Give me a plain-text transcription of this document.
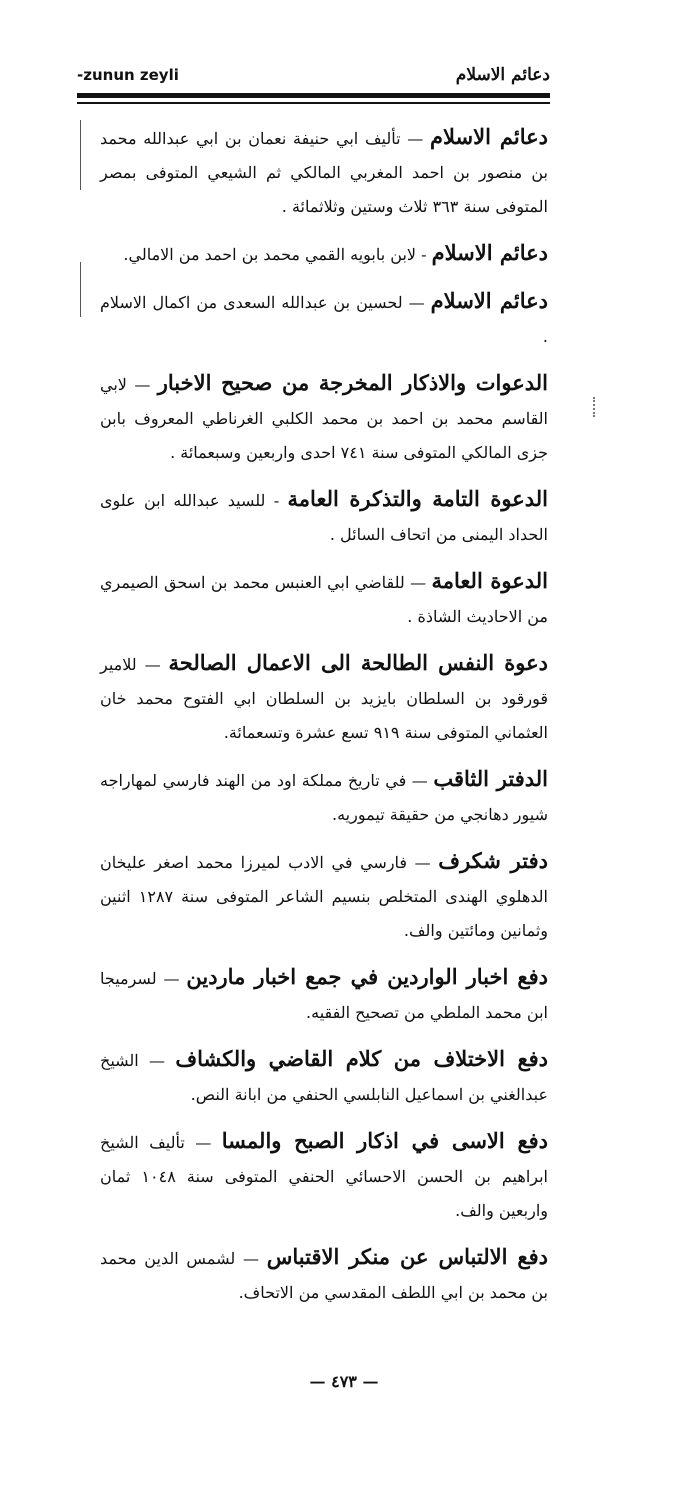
-zunun zeyli	دعائم الاسلام

دعائم الاسلام — تأليف ابي حنيفة نعمان بن ابي عبدالله محمد بن منصور بن احمد المغربي المالكي ثم الشيعي المتوفى بمصر المتوفى سنة ٣٦٣ ثلاث وستين وثلاثمائة .

دعائم الاسلام - لابن بابويه القمي محمد بن احمد من الامالي.

دعائم الاسلام — لحسين بن عبدالله السعدى من اكمال الاسلام .

الدعوات والاذكار المخرجة من صحيح الاخبار — لابي القاسم محمد بن احمد بن محمد الكلبي الغرناطي المعروف بابن جزى المالكي المتوفى سنة ٧٤١ احدى واربعين وسبعمائة .

الدعوة التامة والتذكرة العامة - للسيد عبدالله ابن علوى الحداد اليمنى من اتحاف السائل .

الدعوة العامة — للقاضي ابي العنبس محمد بن اسحق الصيمري من الاحاديث الشاذة .

دعوة النفس الطالحة الى الاعمال الصالحة — للامير قورقود بن السلطان بايزيد بن السلطان ابي الفتوح محمد خان العثماني المتوفى سنة ٩١٩ تسع عشرة وتسعمائة.

الدفتر الثاقب — في تاريخ مملكة اود من الهند فارسي لمهاراجه شيور دهانجي من حقيقة تيموريه.

دفتر شكرف — فارسي في الادب لميرزا محمد اصغر عليخان الدهلوي الهندى المتخلص بنسيم الشاعر المتوفى سنة ١٢٨٧ اثنين وثمانين ومائتين والف.

دفع اخبار الواردين في جمع اخبار ماردين — لسرميجا ابن محمد الملطي من تصحيح الفقيه.

دفع الاختلاف من كلام القاضي والكشاف — الشيخ عبدالغني بن اسماعيل النابلسي الحنفي من ابانة النص.

دفع الاسى في اذكار الصبح والمسا — تأليف الشيخ ابراهيم بن الحسن الاحسائي الحنفي المتوفى سنة ١٠٤٨ ثمان واربعين والف.

دفع الالتباس عن منكر الاقتباس — لشمس الدين محمد بن محمد بن ابي اللطف المقدسي من الاتحاف.

— ٤٧٣ —
